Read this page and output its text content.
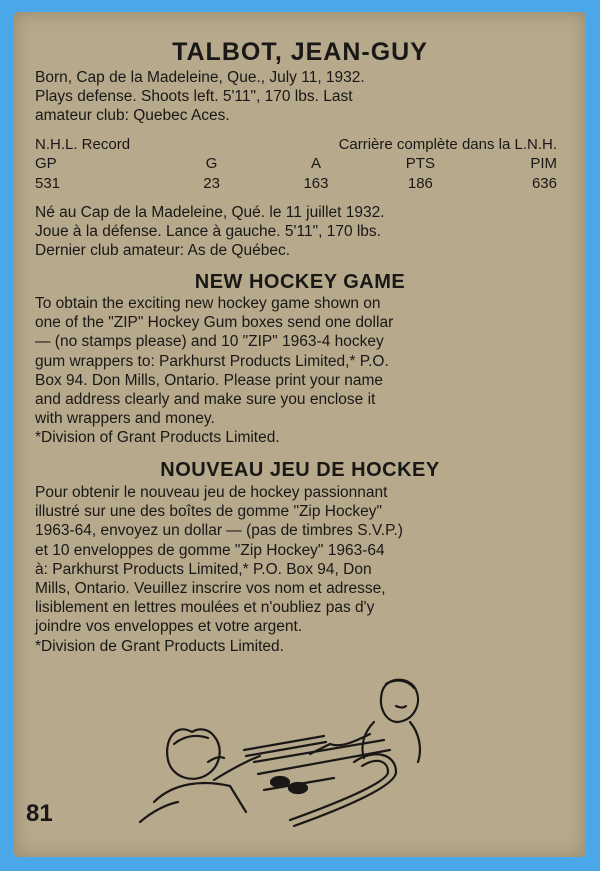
TALBOT, JEAN-GUY
Born, Cap de la Madeleine, Que., July 11, 1932.
Plays defense. Shoots left. 5'11", 170 lbs. Last
amateur club: Quebec Aces.
N.H.L. Record	Carrière complète dans la L.N.H.
GP	G	A	PTS	PIM
531	23	163	186	636
Né au Cap de la Madeleine, Qué. le 11 juillet 1932.
Joue à la défense. Lance à gauche. 5'11", 170 lbs.
Dernier club amateur: As de Québec.
NEW HOCKEY GAME
To obtain the exciting new hockey game shown on
one of the "ZIP" Hockey Gum boxes send one dollar
— (no stamps please) and 10 "ZIP" 1963-4 hockey
gum wrappers to: Parkhurst Products Limited,* P.O.
Box 94. Don Mills, Ontario. Please print your name
and address clearly and make sure you enclose it
with wrappers and money.
*Division of Grant Products Limited.
NOUVEAU JEU DE HOCKEY
Pour obtenir le nouveau jeu de hockey passionnant
illustré sur une des boîtes de gomme "Zip Hockey"
1963-64, envoyez un dollar — (pas de timbres S.V.P.)
et 10 enveloppes de gomme "Zip Hockey" 1963-64
à: Parkhurst Products Limited,* P.O. Box 94, Don
Mills, Ontario. Veuillez inscrire vos nom et adresse,
lisiblement en lettres moulées et n'oubliez pas d'y
joindre vos enveloppes et votre argent.
*Division de Grant Products Limited.
81
